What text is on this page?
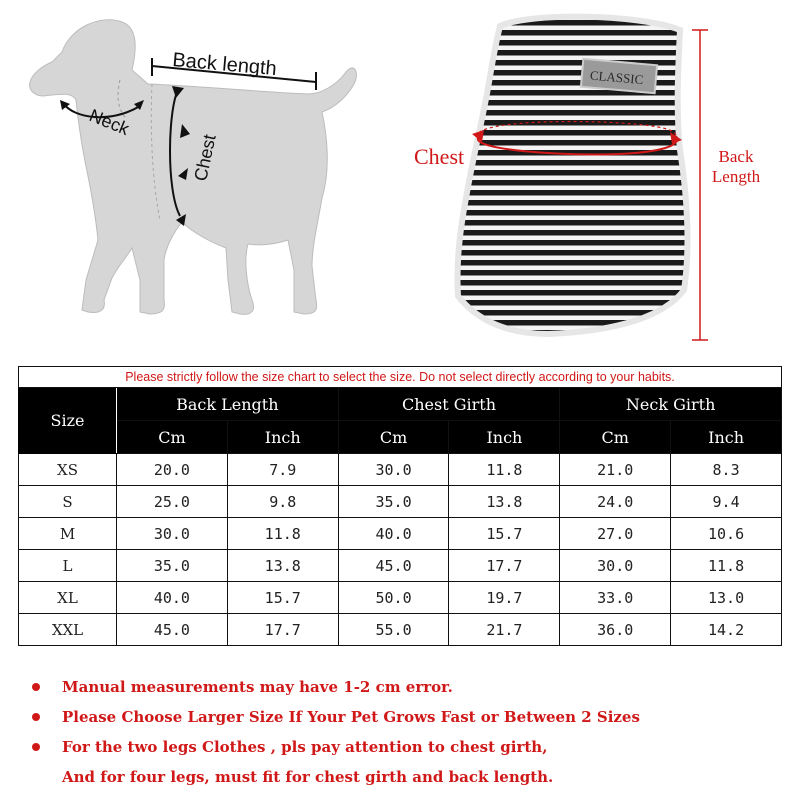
Back length
Neck
Chest
CLASSIC
Chest	Back
Length
Please strictly follow the size chart to select the size. Do not select directly according to your habits.						
Size	Back Length		Chest Girth		Neck Girth	
	Cm	Inch	Cm	Inch	Cm	Inch
XS	20.0	7.9	30.0	11.8	21.0	8.3
S	25.0	9.8	35.0	13.8	24.0	9.4
M	30.0	11.8	40.0	15.7	27.0	10.6
L	35.0	13.8	45.0	17.7	30.0	11.8
XL	40.0	15.7	50.0	19.7	33.0	13.0
XXL	45.0	17.7	55.0	21.7	36.0	14.2
Manual measurements may have 1-2 cm error.
Please Choose Larger Size If Your Pet Grows Fast or Between 2 Sizes
For the two legs Clothes , pls pay attention to chest girth,
And for four legs, must fit for chest girth and back length.
